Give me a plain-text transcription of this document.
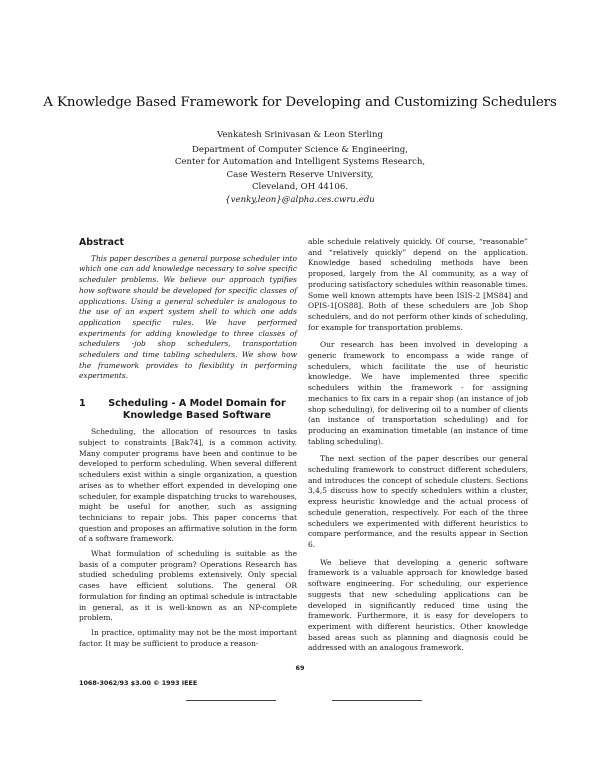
A Knowledge Based Framework for Developing and Customizing Schedulers
Venkatesh Srinivasan & Leon Sterling
Department of Computer Science & Engineering,
Center for Automation and Intelligent Systems Research,
Case Western Reserve University,
Cleveland, OH 44106.
{venky,leon}@alpha.ces.cwru.edu
Abstract

This paper describes a general purpose scheduler into which one can add knowledge necessary to solve specific scheduler problems. We believe our approach typifies how software should be developed for specific classes of applications. Using a general scheduler is analogous to the use of an expert system shell to which one adds application specific rules. We have performed experiments for adding knowledge to three classes of schedulers -job shop schedulers, transportation schedulers and time tabling schedulers. We show how the framework provides to flexibility in performing experiments.

1	Scheduling - A Model Domain for Knowledge Based Software

Scheduling, the allocation of resources to tasks subject to constraints [Bak74], is a common activity. Many computer programs have been and continue to be developed to perform scheduling. When several different schedulers exist within a single organization, a question arises as to whether effort expended in developing one scheduler, for example dispatching trucks to warehouses, might be useful for another, such as assigning technicians to repair jobs. This paper concerns that question and proposes an affirmative solution in the form of a software framework.

What formulation of scheduling is suitable as the basis of a computer program? Operations Research has studied scheduling problems extensively. Only special cases have efficient solutions. The general OR formulation for finding an optimal schedule is intractable in general, as it is well-known as an NP-complete problem.

In practice, optimality may not be the most important factor. It may be sufficient to produce a reason-

able schedule relatively quickly. Of course, “reasonable” and “relatively quickly” depend on the application. Knowledge based scheduling methods have been proposed, largely from the AI community, as a way of producing satisfactory schedules within reasonable times. Some well known attempts have been ISIS-2 [MS84] and OPIS-1[OS88]. Both of these schedulers are Job Shop schedulers, and do not perform other kinds of scheduling, for example for transportation problems.

Our research has been involved in developing a generic framework to encompass a wide range of schedulers, which facilitate the use of heuristic knowledge. We have implemented three specific schedulers within the framework - for assigning mechanics to fix cars in a repair shop (an instance of job shop scheduling), for delivering oil to a number of clients (an instance of transportation scheduling) and for producing an examination timetable (an instance of time tabling scheduling).

The next section of the paper describes our general scheduling framework to construct different schedulers, and introduces the concept of schedule clusters. Sections 3,4,5 discuss how to specify schedulers within a cluster, express heuristic knowledge and the actual process of schedule generation, respectively. For each of the three schedulers we experimented with different heuristics to compare performance, and the results appear in Section 6.

We believe that developing a generic software framework is a valuable approach for knowledge based software engineering. For scheduling, our experience suggests that new scheduling applications can be developed in significantly reduced time using the framework. Furthermore, it is easy for developers to experiment with different heuristics. Other knowledge based areas such as planning and diagnosis could be addressed with an analogous framework.

69
1068-3062/93 $3.00 © 1993 IEEE
